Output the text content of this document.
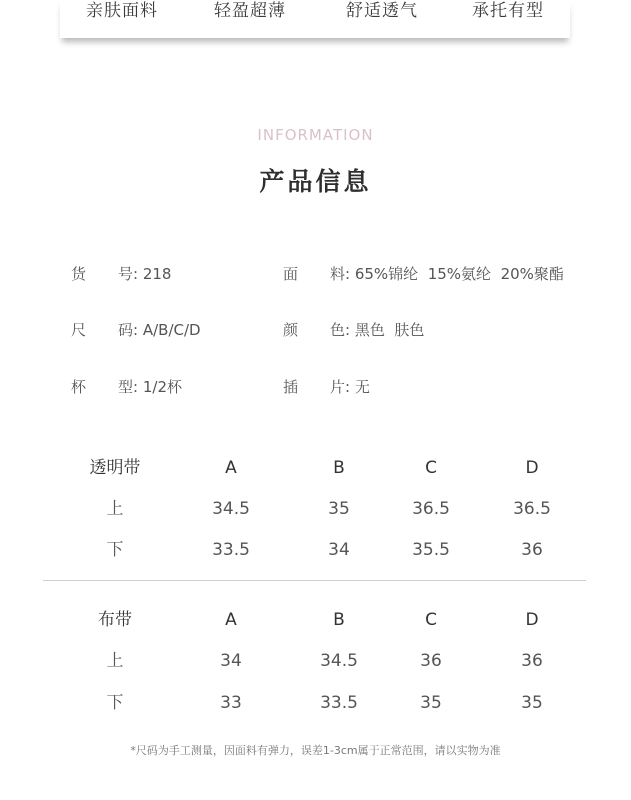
亲肤面料	轻盈超薄	舒适透气	承托有型
INFORMATION
产品信息
货 号: 218	面 料: 65%锦纶  15%氨纶  20%聚酯
尺 码: A/B/C/D	颜 色: 黑色  肤色
杯 型: 1/2杯	插 片: 无
透明带	A	B	C	D
上	34.5	35	36.5	36.5
下	33.5	34	35.5	36
布带	A	B	C	D
上	34	34.5	36	36
下	33	33.5	35	35
*尺码为手工测量，因面料有弹力，误差1-3cm属于正常范围，请以实物为准
